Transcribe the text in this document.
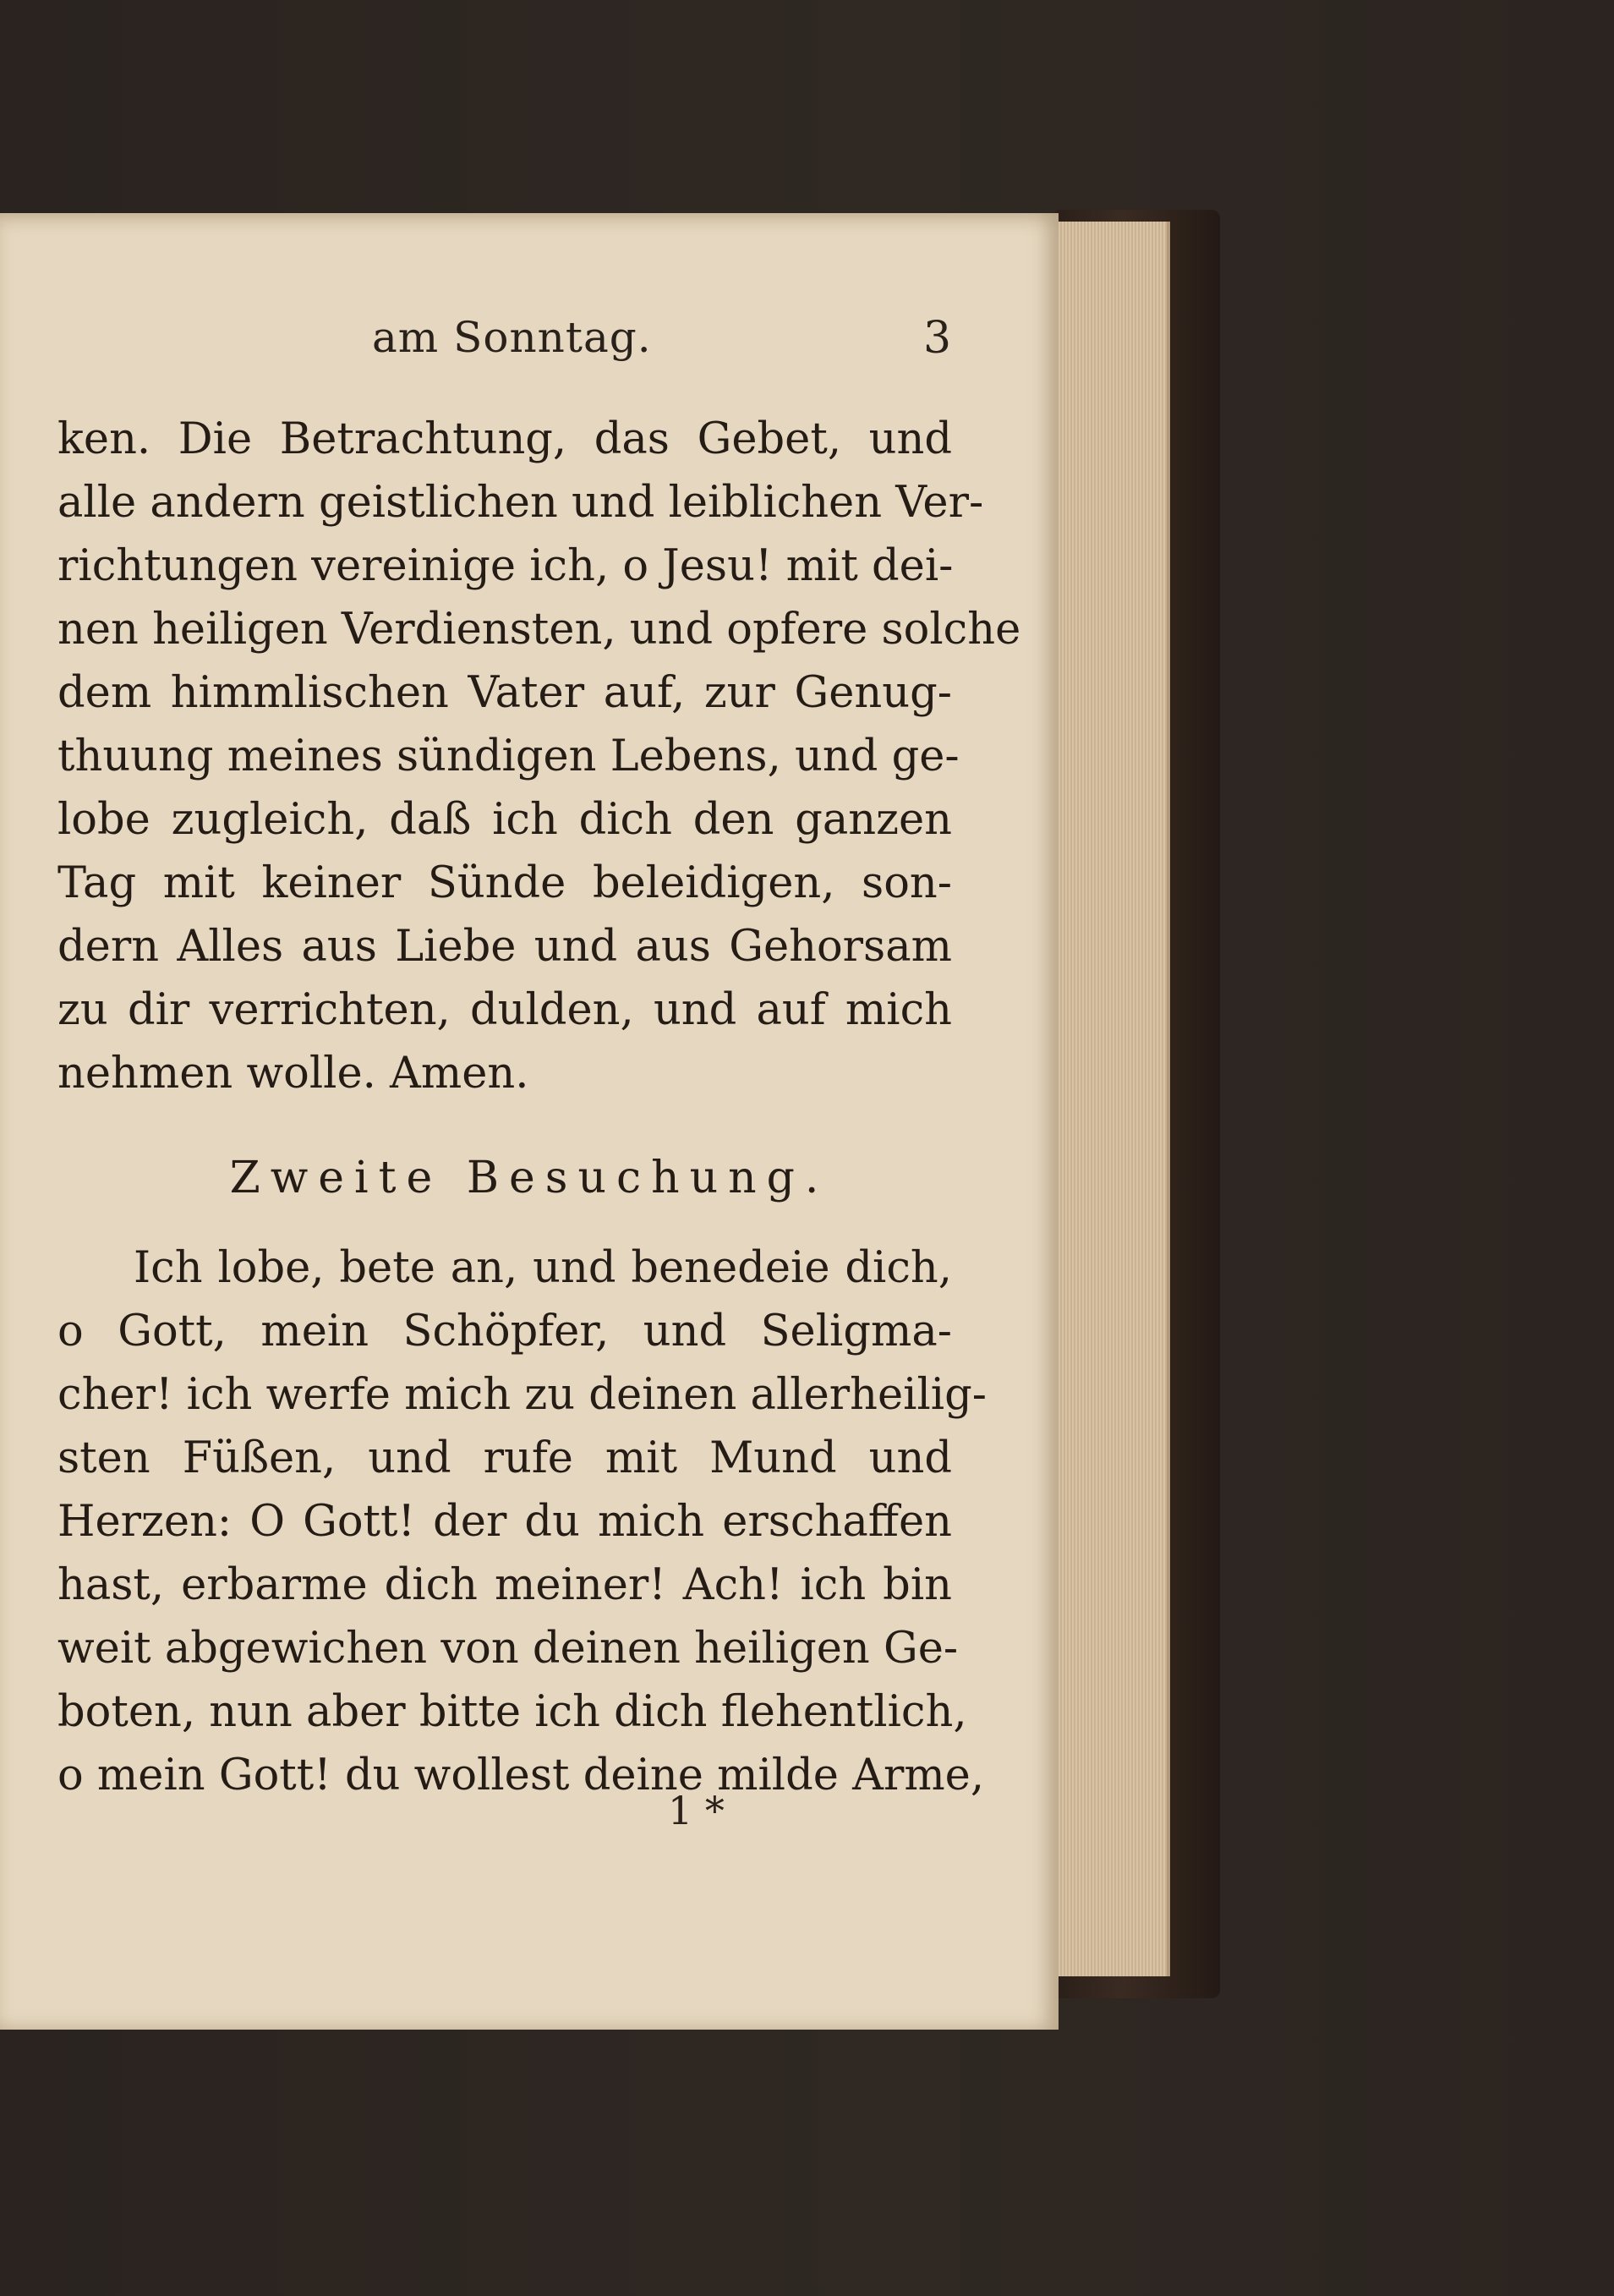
am Sonntag.	3
ken. Die Betrachtung, das Gebet, und
alle andern geistlichen und leiblichen Ver-
richtungen vereinige ich, o Jesu! mit dei-
nen heiligen Verdiensten, und opfere solche
dem himmlischen Vater auf, zur Genug-
thuung meines sündigen Lebens, und ge-
lobe zugleich, daß ich dich den ganzen
Tag mit keiner Sünde beleidigen, son-
dern Alles aus Liebe und aus Gehorsam
zu dir verrichten, dulden, und auf mich
nehmen wolle. Amen.
Zweite Besuchung.
Ich lobe, bete an, und benedeie dich,
o Gott, mein Schöpfer, und Seligma-
cher! ich werfe mich zu deinen allerheilig-
sten Füßen, und rufe mit Mund und
Herzen: O Gott! der du mich erschaffen
hast, erbarme dich meiner! Ach! ich bin
weit abgewichen von deinen heiligen Ge-
boten, nun aber bitte ich dich flehentlich,
o mein Gott! du wollest deine milde Arme,
1 *
